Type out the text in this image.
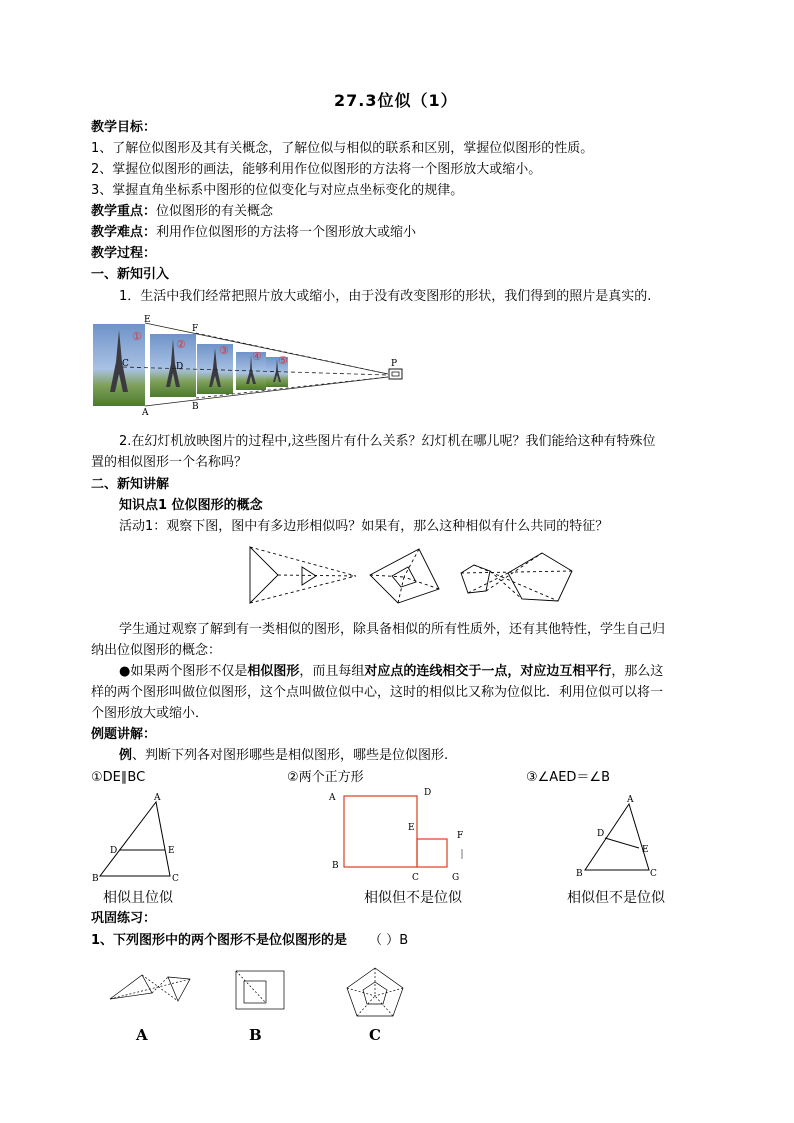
27.3位似（1）
教学目标：
1、了解位似图形及其有关概念，了解位似与相似的联系和区别，掌握位似图形的性质。
2、掌握位似图形的画法，能够利用作位似图形的方法将一个图形放大或缩小。
3、掌握直角坐标系中图形的位似变化与对应点坐标变化的规律。
教学重点：位似图形的有关概念
教学难点：利用作位似图形的方法将一个图形放大或缩小
教学过程：
一、新知引入
1．生活中我们经常把照片放大或缩小，由于没有改变图形的形状，我们得到的照片是真实的.
E
F
C	D
A
B
P
①
②	③ ④ ⑤
2.在幻灯机放映图片的过程中,这些图片有什么关系？幻灯机在哪儿呢？我们能给这种有特殊位
置的相似图形一个名称吗？
二、新知讲解
知识点1 位似图形的概念
活动1：观察下图，图中有多边形相似吗？如果有，那么这种相似有什么共同的特征？
学生通过观察了解到有一类相似的图形，除具备相似的所有性质外，还有其他特性，学生自己归
纳出位似图形的概念：
●如果两个图形不仅是相似图形，而且每组对应点的连线相交于一点，对应边互相平行，那么这
样的两个图形叫做位似图形，这个点叫做位似中心，这时的相似比又称为位似比．利用位似可以将一
个图形放大或缩小．
例题讲解：
例、判断下列各对图形哪些是相似图形，哪些是位似图形.
①DE∥BC	②两个正方形	③∠AED＝∠B
A
B	C
D	E
A
B
C
D
E
F
G
A
B	C
D
E
相似且位似	相似但不是位似	相似但不是位似
巩固练习：
1、下列图形中的两个图形不是位似图形的是 （ ）B
A	B	C
